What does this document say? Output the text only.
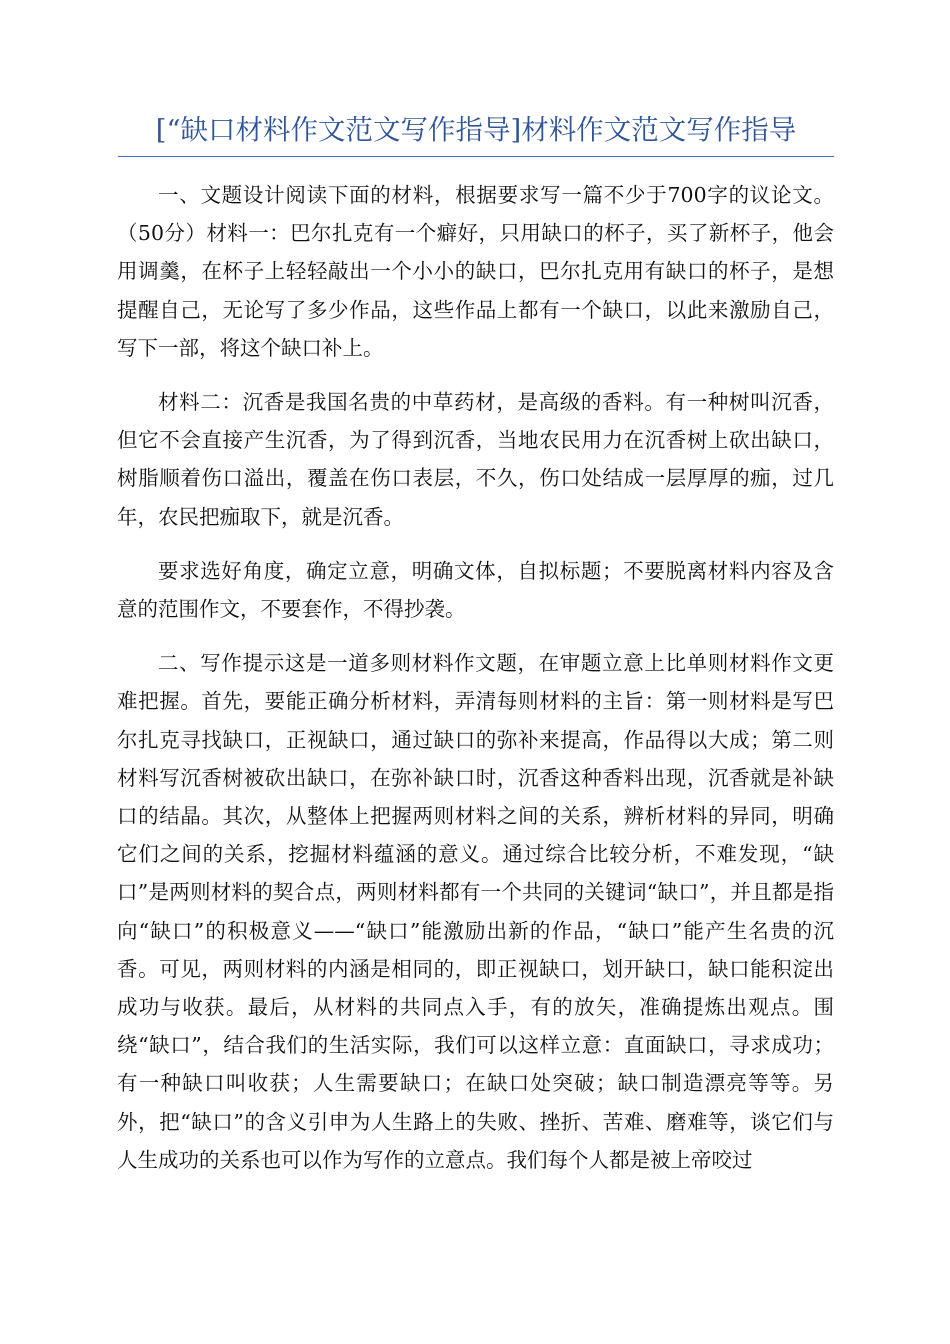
[“缺口材料作文范文写作指导]材料作文范文写作指导

一、文题设计阅读下面的材料，根据要求写一篇不少于700字的议论文。（50分）材料一：巴尔扎克有一个癖好，只用缺口的杯子，买了新杯子，他会用调羹，在杯子上轻轻敲出一个小小的缺口，巴尔扎克用有缺口的杯子，是想提醒自己，无论写了多少作品，这些作品上都有一个缺口，以此来激励自己，写下一部，将这个缺口补上。

材料二：沉香是我国名贵的中草药材，是高级的香料。有一种树叫沉香，但它不会直接产生沉香，为了得到沉香，当地农民用力在沉香树上砍出缺口，树脂顺着伤口溢出，覆盖在伤口表层，不久，伤口处结成一层厚厚的痂，过几年，农民把痂取下，就是沉香。

要求选好角度，确定立意，明确文体，自拟标题；不要脱离材料内容及含意的范围作文，不要套作，不得抄袭。

二、写作提示这是一道多则材料作文题，在审题立意上比单则材料作文更难把握。首先，要能正确分析材料，弄清每则材料的主旨：第一则材料是写巴尔扎克寻找缺口，正视缺口，通过缺口的弥补来提高，作品得以大成；第二则材料写沉香树被砍出缺口，在弥补缺口时，沉香这种香料出现，沉香就是补缺口的结晶。其次，从整体上把握两则材料之间的关系，辨析材料的异同，明确它们之间的关系，挖掘材料蕴涵的意义。通过综合比较分析，不难发现，“缺口”是两则材料的契合点，两则材料都有一个共同的关键词“缺口”，并且都是指向“缺口”的积极意义——“缺口”能激励出新的作品，“缺口”能产生名贵的沉香。可见，两则材料的内涵是相同的，即正视缺口，划开缺口，缺口能积淀出成功与收获。最后，从材料的共同点入手，有的放矢，准确提炼出观点。围绕“缺口”，结合我们的生活实际，我们可以这样立意：直面缺口，寻求成功；有一种缺口叫收获；人生需要缺口；在缺口处突破；缺口制造漂亮等等。另外，把“缺口”的含义引申为人生路上的失败、挫折、苦难、磨难等，谈它们与人生成功的关系也可以作为写作的立意点。我们每个人都是被上帝咬过
